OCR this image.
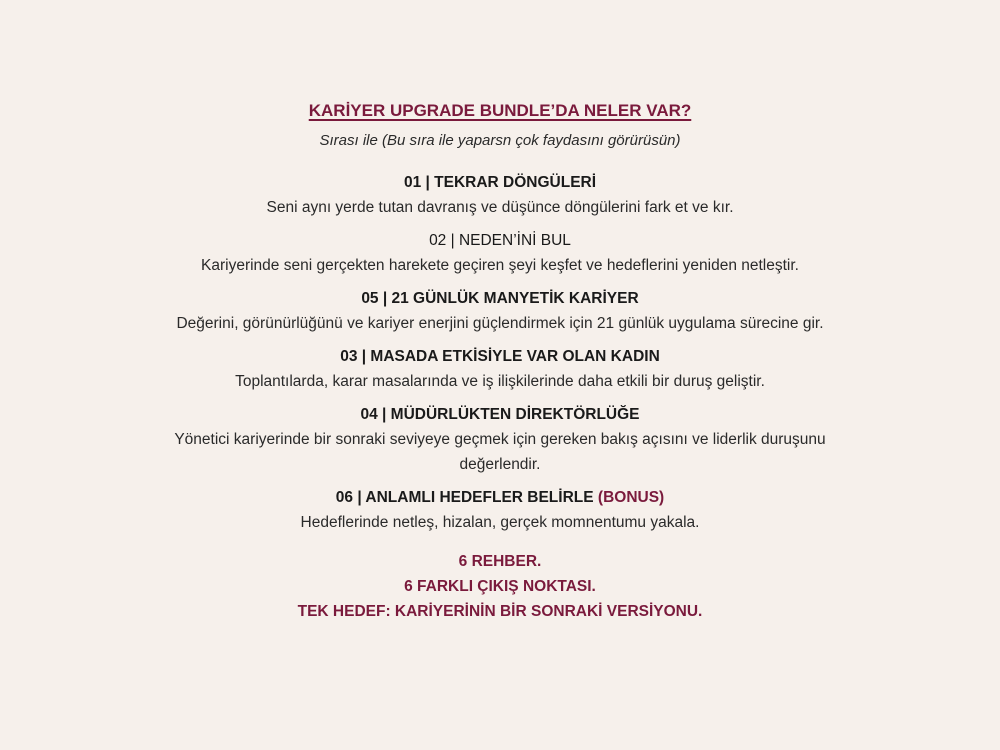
KARİYER UPGRADE BUNDLE’DA NELER VAR?

Sırası ile (Bu sıra ile yaparsn çok faydasını görürüsün)

01 | TEKRAR DÖNGÜLERİ

Seni aynı yerde tutan davranış ve düşünce döngülerini fark et ve kır.

02 | NEDEN’İNİ BUL

Kariyerinde seni gerçekten harekete geçiren şeyi keşfet ve hedeflerini yeniden netleştir.

05 | 21 GÜNLÜK MANYETİK KARİYER

Değerini, görünürlüğünü ve kariyer enerjini güçlendirmek için 21 günlük uygulama sürecine gir.

03 | MASADA ETKİSİYLE VAR OLAN KADIN

Toplantılarda, karar masalarında ve iş ilişkilerinde daha etkili bir duruş geliştir.

04 | MÜDÜRLÜKTEN DİREKTÖRLÜĞE

Yönetici kariyerinde bir sonraki seviyeye geçmek için gereken bakış açısını ve liderlik duruşunu değerlendir.

06 | ANLAMLI HEDEFLER BELİRLE (BONUS)

Hedeflerinde netleş, hizalan, gerçek momnentumu yakala.

6 REHBER.

6 FARKLI ÇIKIŞ NOKTASI.

TEK HEDEF: KARİYERİNİN BİR SONRAKİ VERSİYONU.
